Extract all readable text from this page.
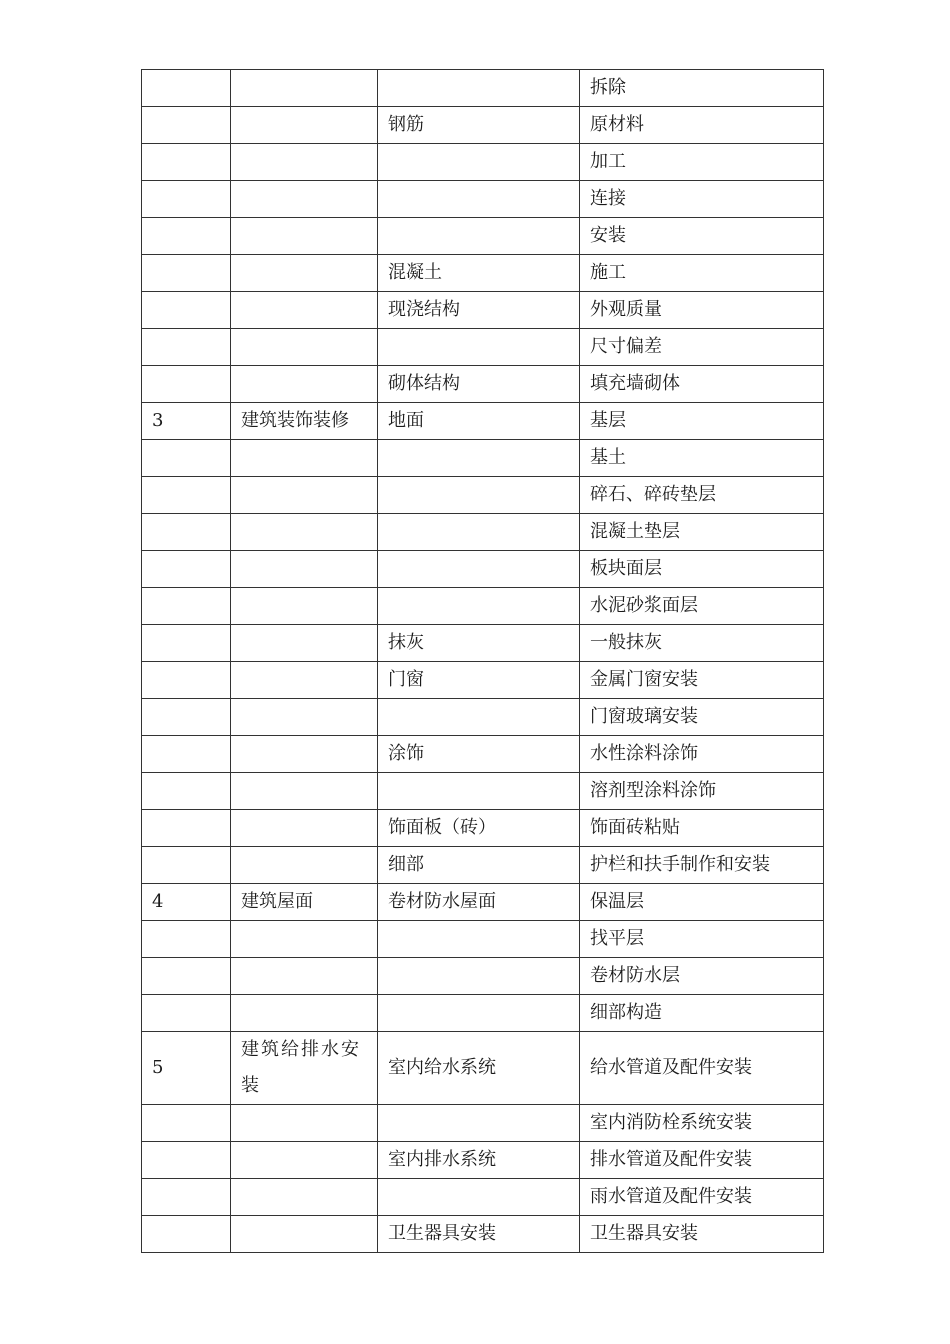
			拆除
		钢筋	原材料
			加工
			连接
			安装
		混凝土	施工
		现浇结构	外观质量
			尺寸偏差
		砌体结构	填充墙砌体
3	建筑装饰装修	地面	基层
			基土
			碎石、碎砖垫层
			混凝土垫层
			板块面层
			水泥砂浆面层
		抹灰	一般抹灰
		门窗	金属门窗安装
			门窗玻璃安装
		涂饰	水性涂料涂饰
			溶剂型涂料涂饰
		饰面板（砖）	饰面砖粘贴
		细部	护栏和扶手制作和安装
4	建筑屋面	卷材防水屋面	保温层
			找平层
			卷材防水层
			细部构造
5	建筑给排水安装	室内给水系统	给水管道及配件安装
			室内消防栓系统安装
		室内排水系统	排水管道及配件安装
			雨水管道及配件安装
		卫生器具安装	卫生器具安装
